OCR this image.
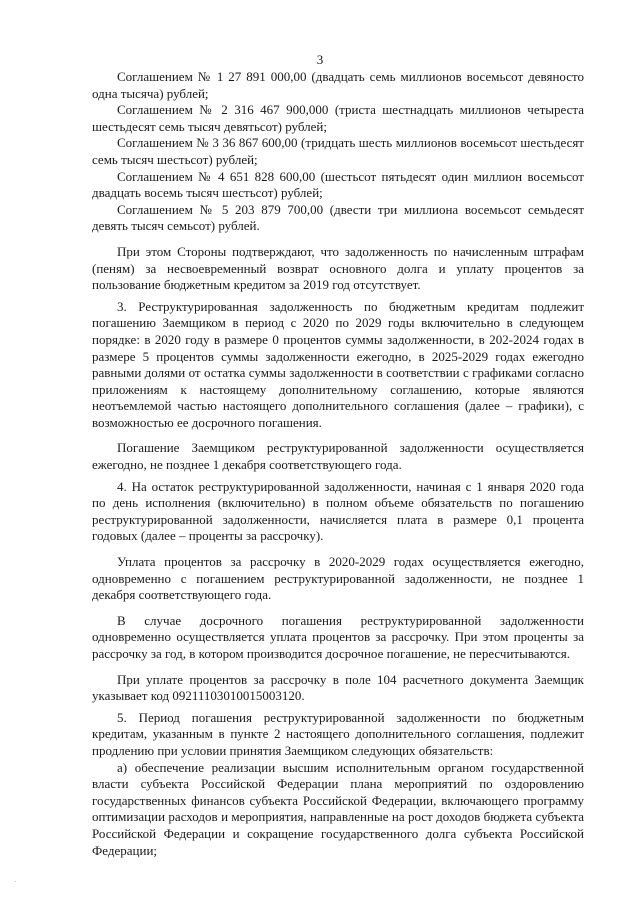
3

Соглашением № 1 27 891 000,00 (двадцать семь миллионов восемьсот девяносто одна тысяча) рублей;

Соглашением № 2 316 467 900,000 (триста шестнадцать миллионов четыреста шестьдесят семь тысяч девятьсот) рублей;

Соглашением № 3 36 867 600,00 (тридцать шесть миллионов восемьсот шестьдесят семь тысяч шестьсот) рублей;

Соглашением № 4 651 828 600,00 (шестьсот пятьдесят один миллион восемьсот двадцать восемь тысяч шестьсот) рублей;

Соглашением № 5 203 879 700,00 (двести три миллиона восемьсот семьдесят девять тысяч семьсот) рублей.

При этом Стороны подтверждают, что задолженность по начисленным штрафам (пеням) за несвоевременный возврат основного долга и уплату процентов за пользование бюджетным кредитом за 2019 год отсутствует.

3. Реструктурированная задолженность по бюджетным кредитам подлежит погашению Заемщиком в период с 2020 по 2029 годы включительно в следующем порядке: в 2020 году в размере 0 процентов суммы задолженности, в 202-2024 годах в размере 5 процентов суммы задолженности ежегодно, в 2025-2029 годах ежегодно равными долями от остатка суммы задолженности в соответствии с графиками согласно приложениям к настоящему дополнительному соглашению, которые являются неотъемлемой частью настоящего дополнительного соглашения (далее – графики), с возможностью ее досрочного погашения.

Погашение Заемщиком реструктурированной задолженности осуществляется ежегодно, не позднее 1 декабря соответствующего года.

4. На остаток реструктурированной задолженности, начиная с 1 января 2020 года по день исполнения (включительно) в полном объеме обязательств по погашению реструктурированной задолженности, начисляется плата в размере 0,1 процента годовых (далее – проценты за рассрочку).

Уплата процентов за рассрочку в 2020-2029 годах осуществляется ежегодно, одновременно с погашением реструктурированной задолженности, не позднее 1 декабря соответствующего года.

В случае досрочного погашения реструктурированной задолженности одновременно осуществляется уплата процентов за рассрочку. При этом проценты за рассрочку за год, в котором производится досрочное погашение, не пересчитываются.

При уплате процентов за рассрочку в поле 104 расчетного документа Заемщик указывает код 09211103010015003120.

5. Период погашения реструктурированной задолженности по бюджетным кредитам, указанным в пункте 2 настоящего дополнительного соглашения, подлежит продлению при условии принятия Заемщиком следующих обязательств:

а) обеспечение реализации высшим исполнительным органом государственной власти субъекта Российской Федерации плана мероприятий по оздоровлению государственных финансов субъекта Российской Федерации, включающего программу оптимизации расходов и мероприятия, направленные на рост доходов бюджета субъекта Российской Федерации и сокращение государственного долга субъекта Российской Федерации;

·
